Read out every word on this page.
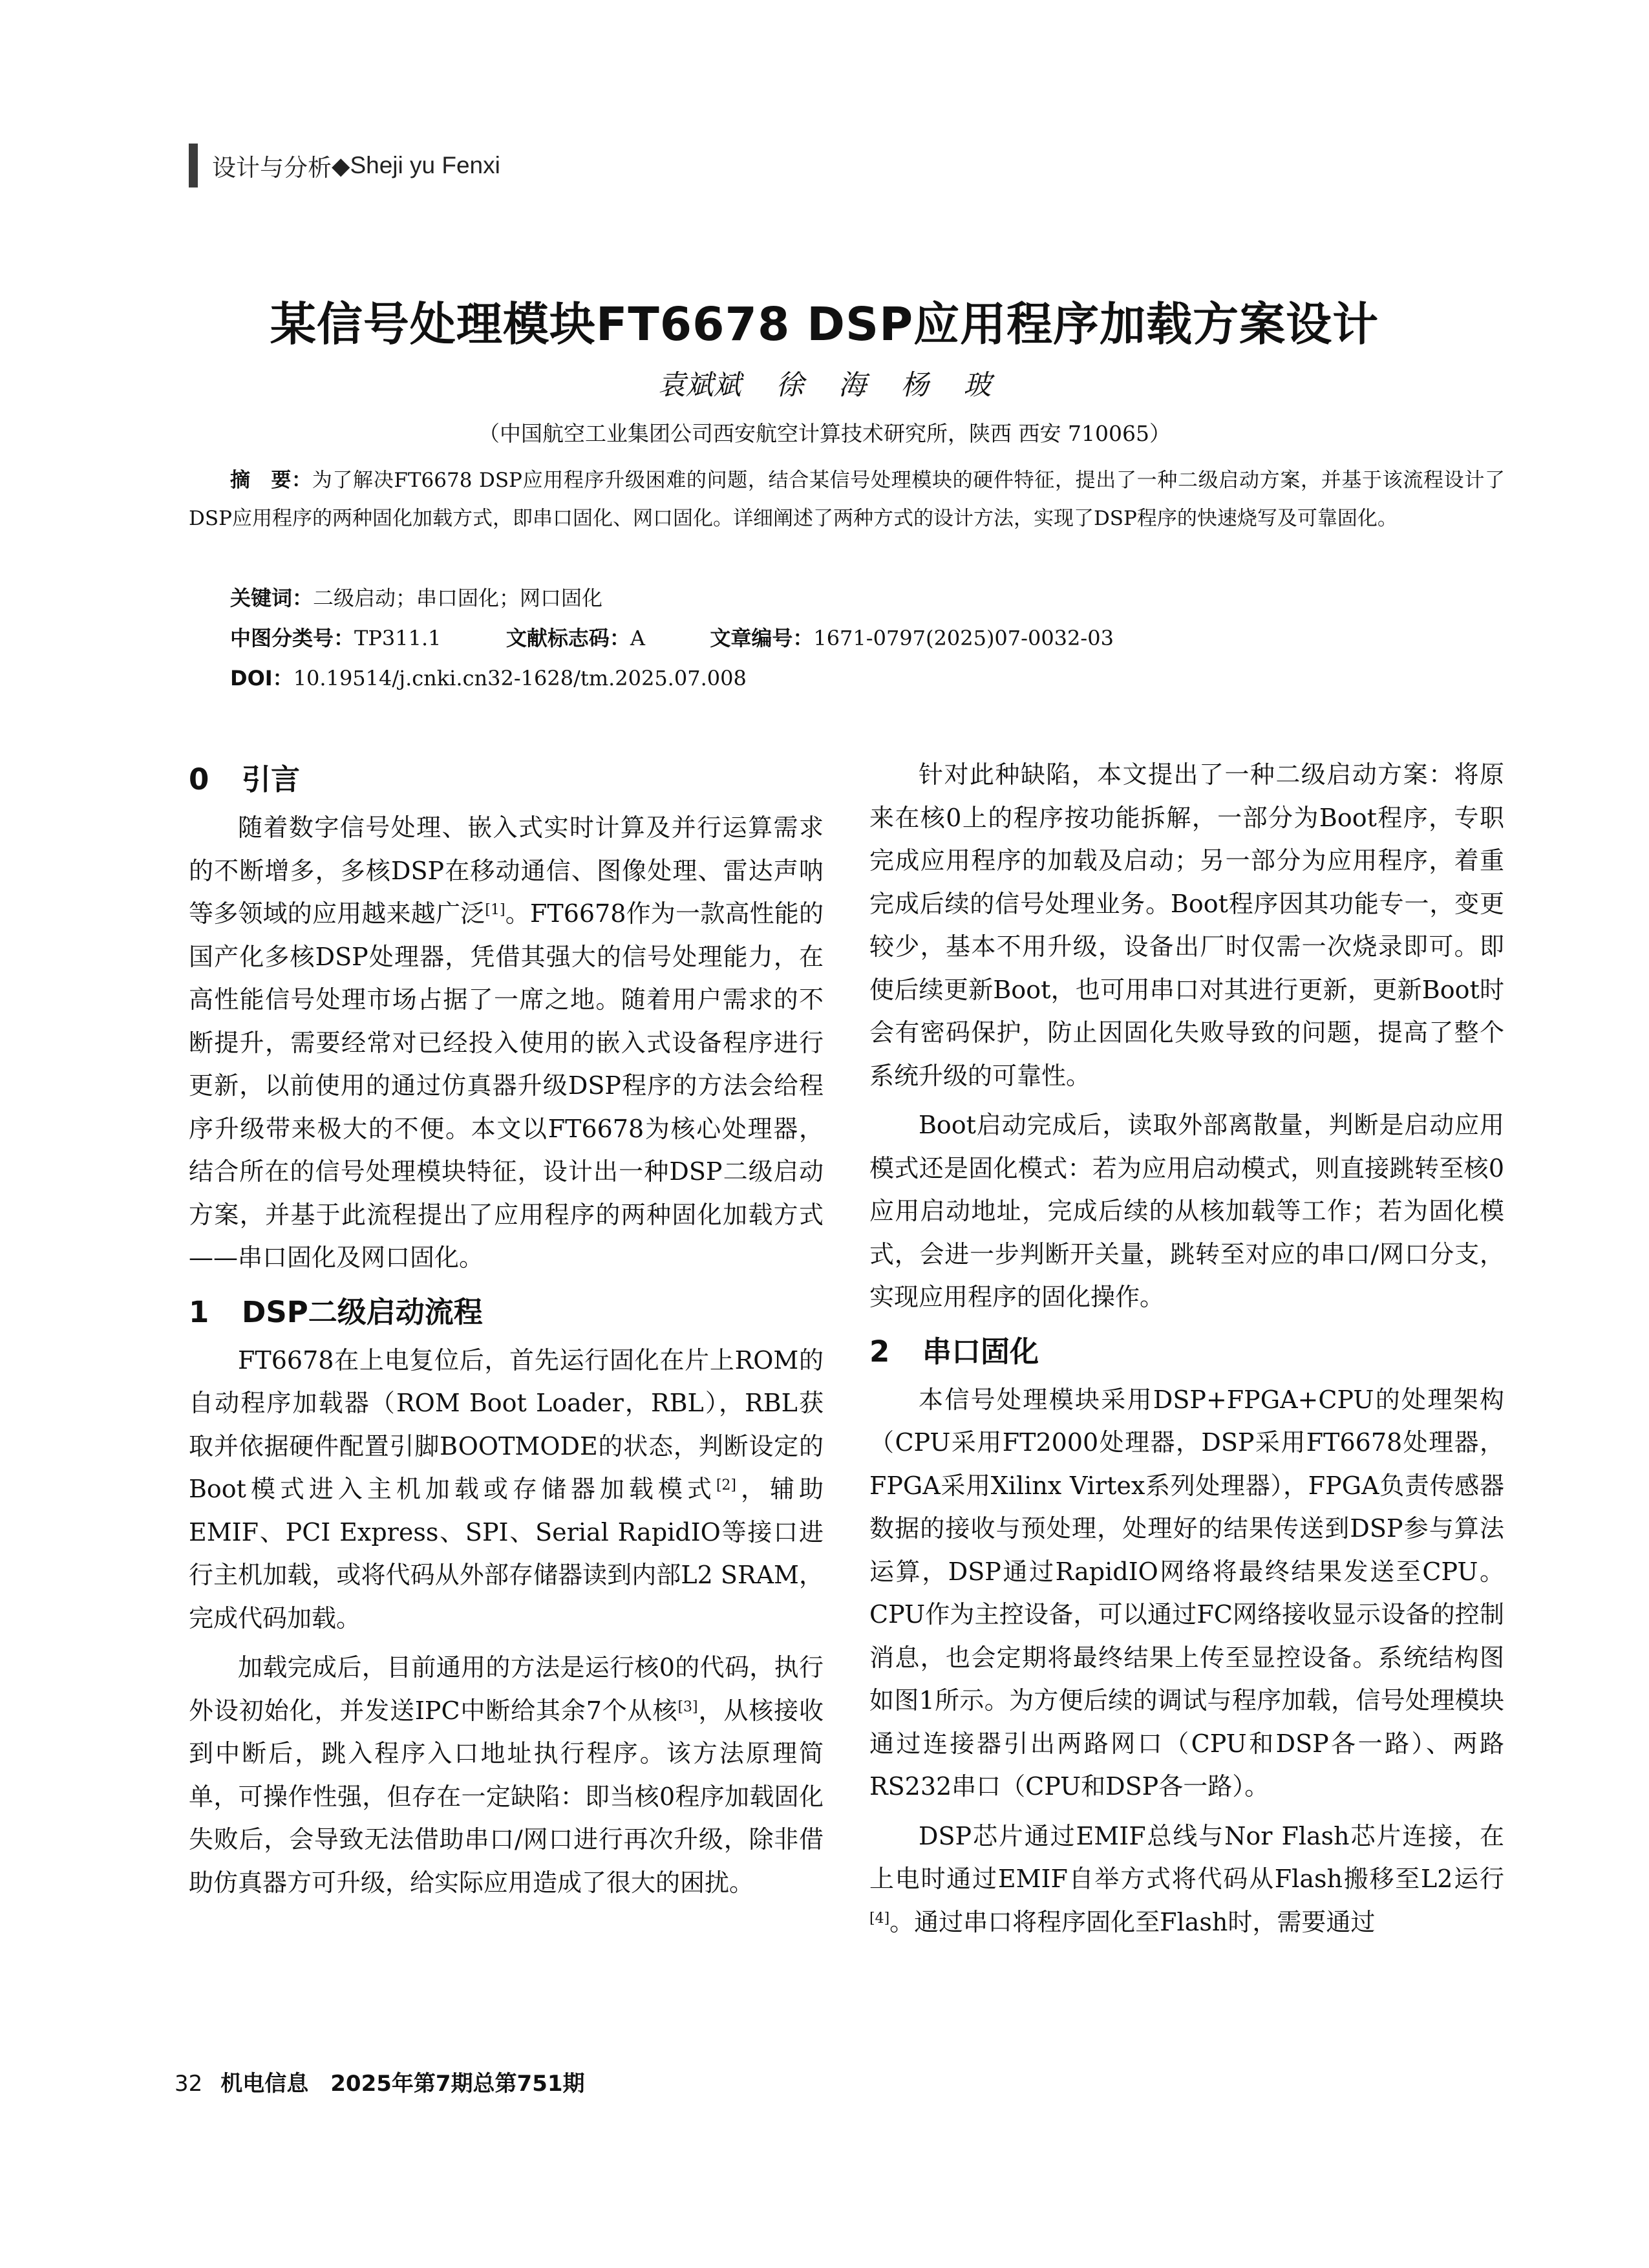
设计与分析 ◆ Sheji yu Fenxi
某信号处理模块FT6678 DSP应用程序加载方案设计
袁斌斌 徐 海 杨 玻
（中国航空工业集团公司西安航空计算技术研究所，陕西 西安 710065）

摘　要：为了解决FT6678 DSP应用程序升级困难的问题，结合某信号处理模块的硬件特征，提出了一种二级启动方案，并基于该流程设计了DSP应用程序的两种固化加载方式，即串口固化、网口固化。详细阐述了两种方式的设计方法，实现了DSP程序的快速烧写及可靠固化。

关键词：二级启动；串口固化；网口固化
中图分类号：TP311.1	文献标志码：A	文章编号：1671-0797(2025)07-0032-03
DOI：10.19514/j.cnki.cn32-1628/tm.2025.07.008
0 引言

随着数字信号处理、嵌入式实时计算及并行运算需求的不断增多，多核DSP在移动通信、图像处理、雷达声呐等多领域的应用越来越广泛[1]。FT6678作为一款高性能的国产化多核DSP处理器，凭借其强大的信号处理能力，在高性能信号处理市场占据了一席之地。随着用户需求的不断提升，需要经常对已经投入使用的嵌入式设备程序进行更新，以前使用的通过仿真器升级DSP程序的方法会给程序升级带来极大的不便。本文以FT6678为核心处理器，结合所在的信号处理模块特征，设计出一种DSP二级启动方案，并基于此流程提出了应用程序的两种固化加载方式——串口固化及网口固化。

1 DSP二级启动流程

FT6678在上电复位后，首先运行固化在片上ROM的自动程序加载器（ROM Boot Loader，RBL），RBL获取并依据硬件配置引脚BOOTMODE的状态，判断设定的Boot模式进入主机加载或存储器加载模式[2]，辅助EMIF、PCI Express、SPI、Serial RapidIO等接口进行主机加载，或将代码从外部存储器读到内部L2 SRAM，完成代码加载。

加载完成后，目前通用的方法是运行核0的代码，执行外设初始化，并发送IPC中断给其余7个从核[3]，从核接收到中断后，跳入程序入口地址执行程序。该方法原理简单，可操作性强，但存在一定缺陷：即当核0程序加载固化失败后，会导致无法借助串口/网口进行再次升级，除非借助仿真器方可升级，给实际应用造成了很大的困扰。

针对此种缺陷，本文提出了一种二级启动方案：将原来在核0上的程序按功能拆解，一部分为Boot程序，专职完成应用程序的加载及启动；另一部分为应用程序，着重完成后续的信号处理业务。Boot程序因其功能专一，变更较少，基本不用升级，设备出厂时仅需一次烧录即可。即使后续更新Boot，也可用串口对其进行更新，更新Boot时会有密码保护，防止因固化失败导致的问题，提高了整个系统升级的可靠性。

Boot启动完成后，读取外部离散量，判断是启动应用模式还是固化模式：若为应用启动模式，则直接跳转至核0应用启动地址，完成后续的从核加载等工作；若为固化模式，会进一步判断开关量，跳转至对应的串口/网口分支，实现应用程序的固化操作。

2 串口固化

本信号处理模块采用DSP+FPGA+CPU的处理架构（CPU采用FT2000处理器，DSP采用FT6678处理器，FPGA采用Xilinx Virtex系列处理器），FPGA负责传感器数据的接收与预处理，处理好的结果传送到DSP参与算法运算，DSP通过RapidIO网络将最终结果发送至CPU。CPU作为主控设备，可以通过FC网络接收显示设备的控制消息，也会定期将最终结果上传至显控设备。系统结构图如图1所示。为方便后续的调试与程序加载，信号处理模块通过连接器引出两路网口（CPU和DSP各一路）、两路RS232串口（CPU和DSP各一路）。

DSP芯片通过EMIF总线与Nor Flash芯片连接，在上电时通过EMIF自举方式将代码从Flash搬移至L2运行[4]。通过串口将程序固化至Flash时，需要通过

32 机电信息　2025年第7期总第751期
